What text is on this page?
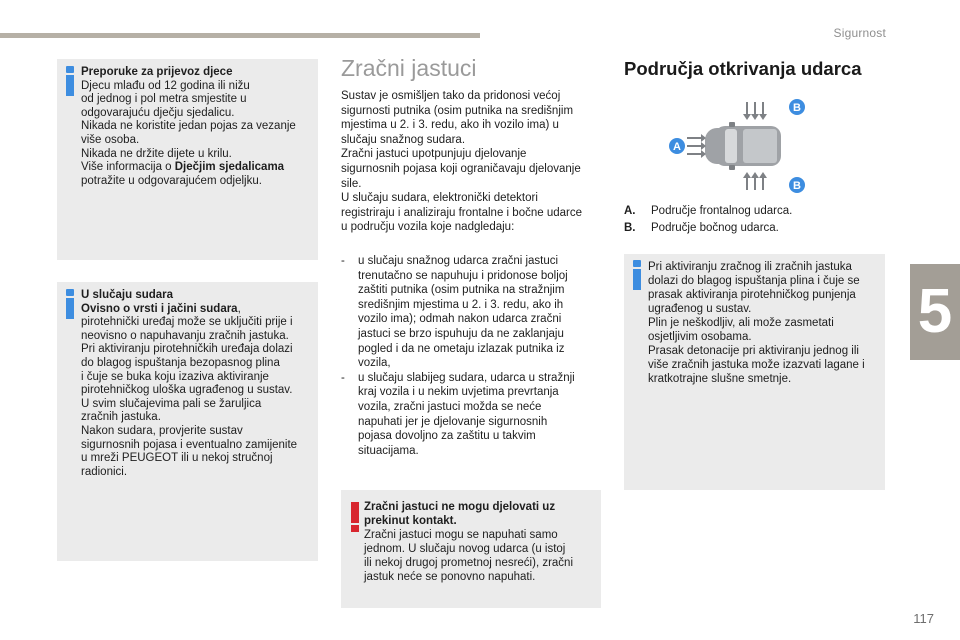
Sigurnost
5
117

Preporuke za prijevoz djece

Djecu mlađu od 12 godina ili nižu

od jednog i pol metra smjestite u

odgovarajuću dječju sjedalicu.

Nikada ne koristite jedan pojas za vezanje

više osoba.

Nikada ne držite dijete u krilu.

Više informacija o Dječjim sjedalicama

potražite u odgovarajućem odjeljku.

U slučaju sudara

Ovisno o vrsti i jačini sudara,

pirotehnički uređaj može se uključiti prije i

neovisno o napuhavanju zračnih jastuka.

Pri aktiviranju pirotehničkih uređaja dolazi

do blagog ispuštanja bezopasnog plina

i čuje se buka koju izaziva aktiviranje

pirotehničkog uloška ugrađenog u sustav.

U svim slučajevima pali se žaruljica

zračnih jastuka.

Nakon sudara, provjerite sustav

sigurnosnih pojasa i eventualno zamijenite

u mreži PEUGEOT ili u nekoj stručnoj

radionici.

Zračni jastuci

Sustav je osmišljen tako da pridonosi većoj

sigurnosti putnika (osim putnika na središnjim

mjestima u 2. i 3. redu, ako ih vozilo ima) u

slučaju snažnog sudara.

Zračni jastuci upotpunjuju djelovanje

sigurnosnih pojasa koji ograničavaju djelovanje

sile.

U slučaju sudara, elektronički detektori

registriraju i analiziraju frontalne i bočne udarce

u području vozila koje nadgledaju:

- u slučaju snažnog udarca zračni jastuci

trenutačno se napuhuju i pridonose boljoj

zaštiti putnika (osim putnika na stražnjim

središnjim mjestima u 2. i 3. redu, ako ih

vozilo ima); odmah nakon udarca zračni

jastuci se brzo ispuhuju da ne zaklanjaju

pogled i da ne ometaju izlazak putnika iz

vozila,

- u slučaju slabijeg sudara, udarca u stražnji

kraj vozila i u nekim uvjetima prevrtanja

vozila, zračni jastuci možda se neće

napuhati jer je djelovanje sigurnosnih

pojasa dovoljno za zaštitu u takvim

situacijama.

Zračni jastuci ne mogu djelovati uz

prekinut kontakt.

Zračni jastuci mogu se napuhati samo

jednom. U slučaju novog udarca (u istoj

ili nekoj drugoj prometnoj nesreći), zračni

jastuk neće se ponovno napuhati.

Područja otkrivanja udarca
A
B
B
A. Područje frontalnog udarca.
B. Područje bočnog udarca.

Pri aktiviranju zračnog ili zračnih jastuka

dolazi do blagog ispuštanja plina i čuje se

prasak aktiviranja pirotehničkog punjenja

ugrađenog u sustav.

Plin je neškodljiv, ali može zasmetati

osjetljivim osobama.

Prasak detonacije pri aktiviranju jednog ili

više zračnih jastuka može izazvati lagane i

kratkotrajne slušne smetnje.
